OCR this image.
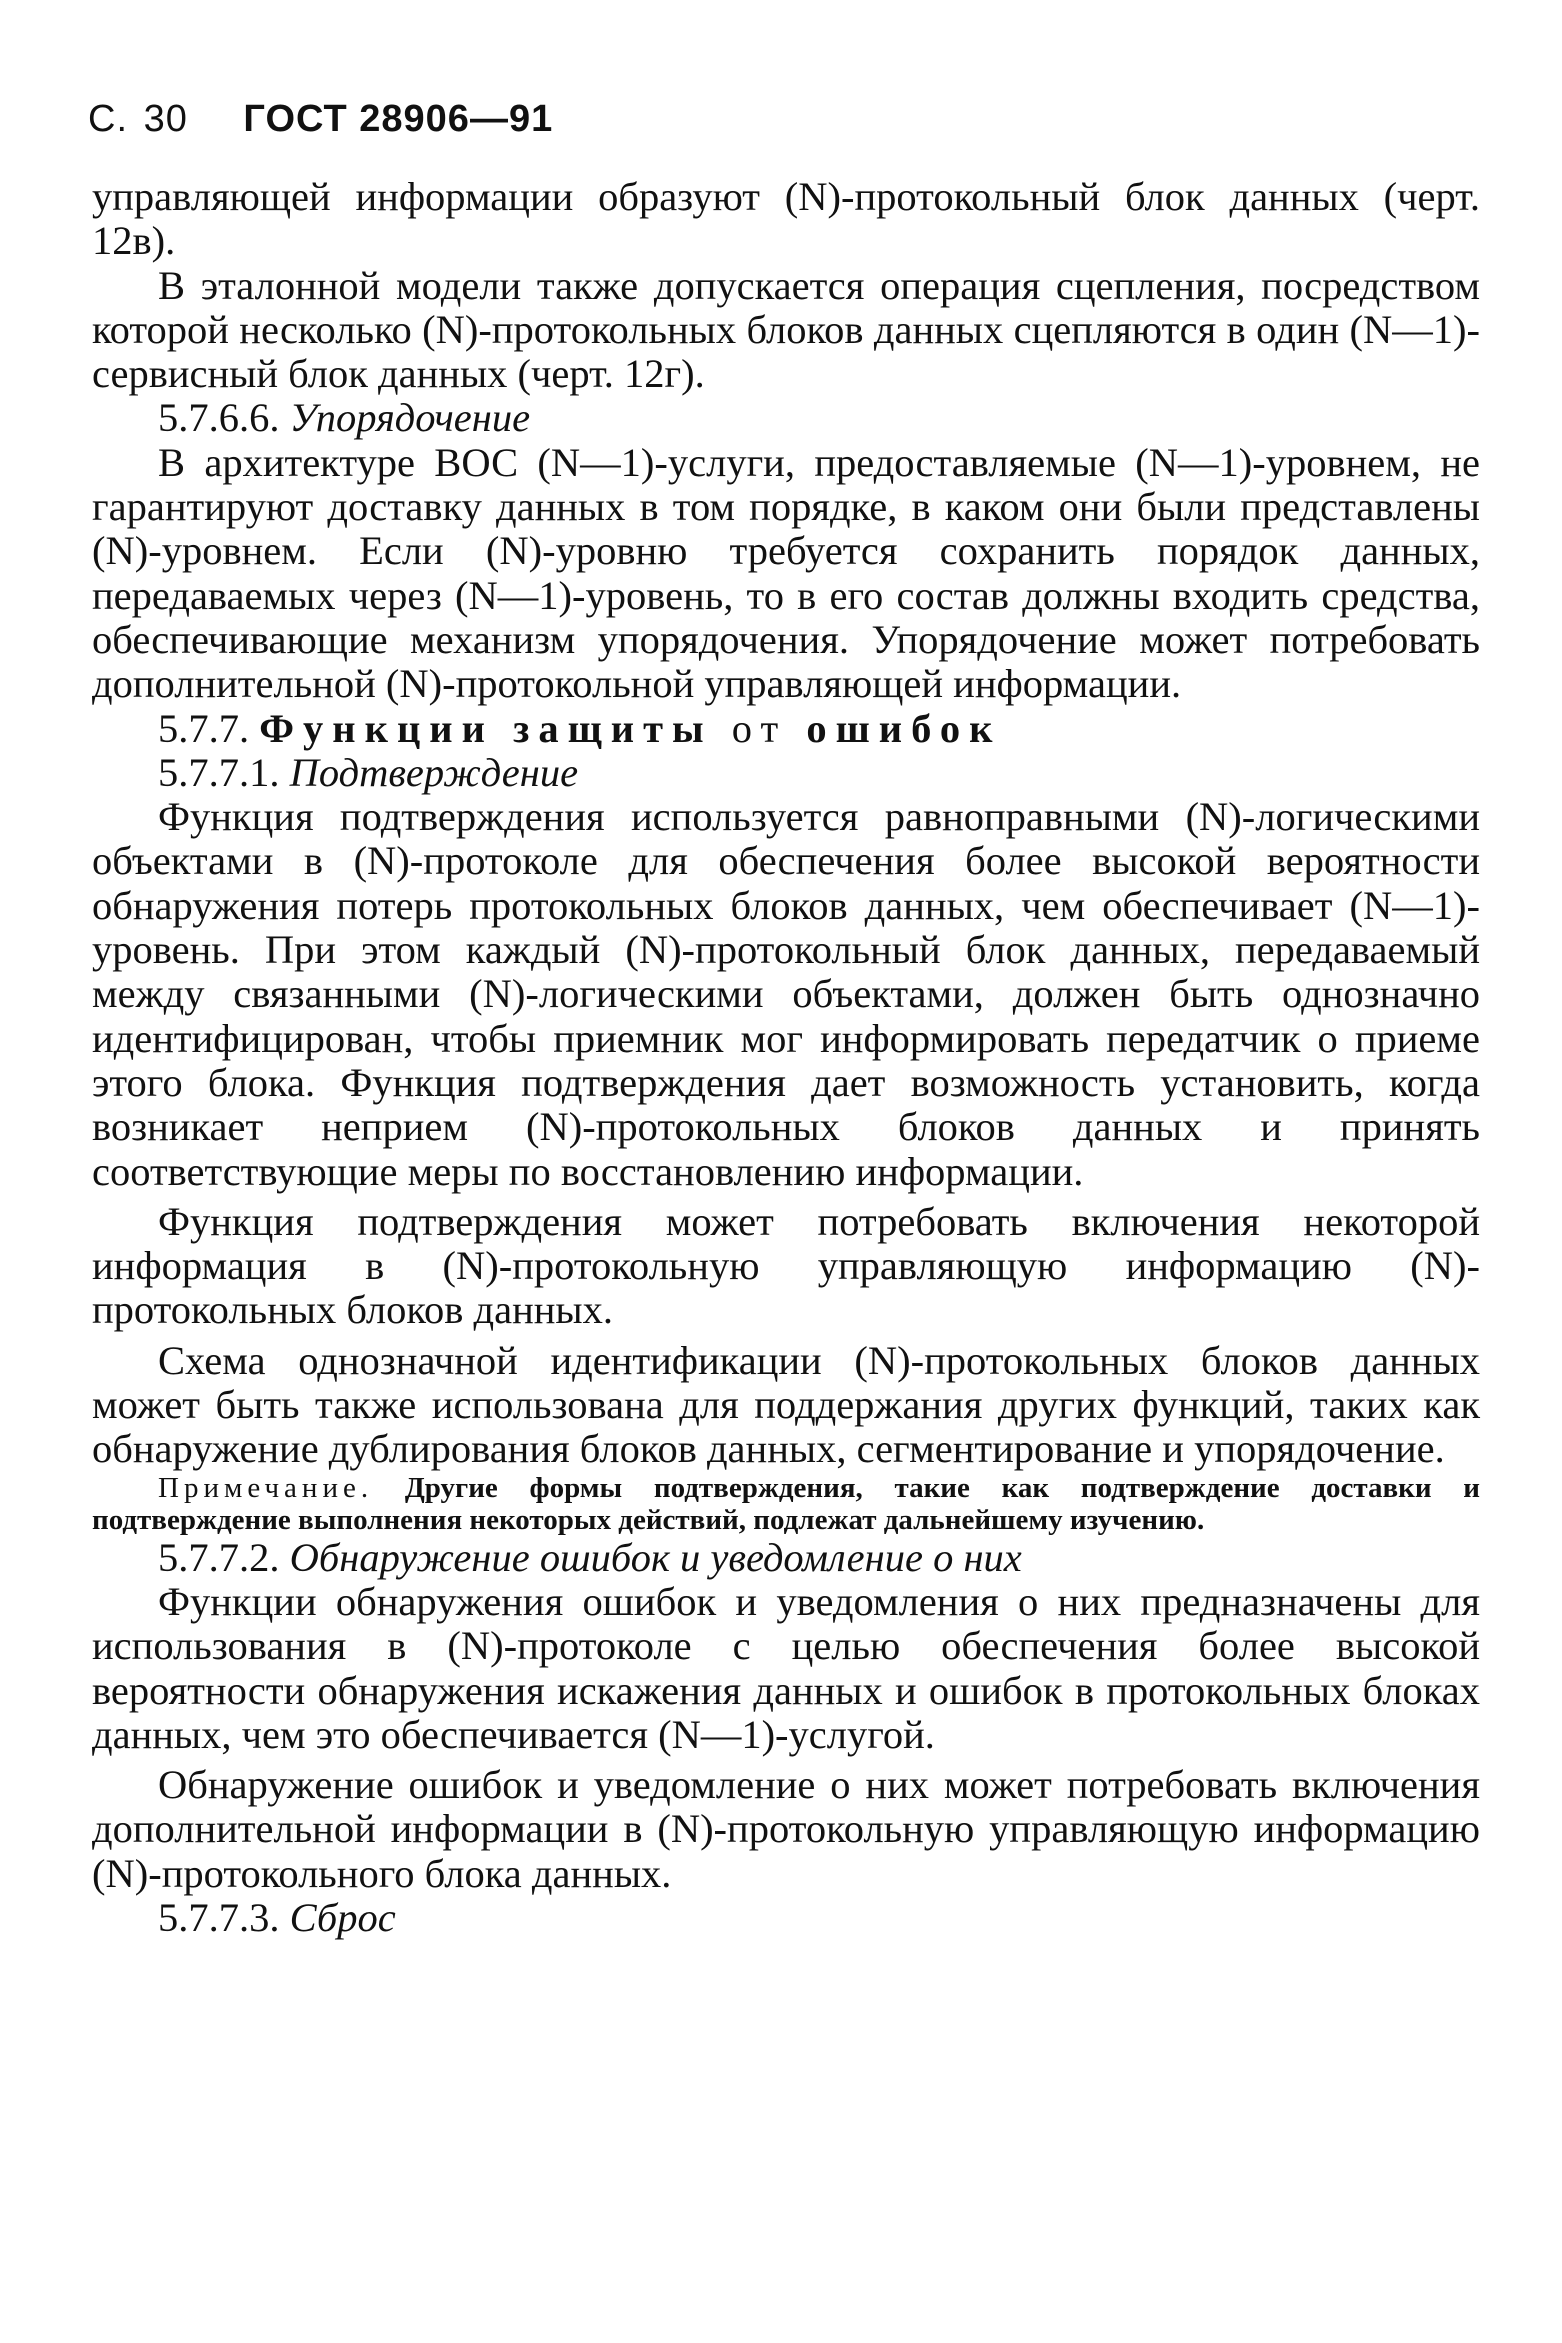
С. 30 ГОСТ 28906—91

управляющей информации образуют (N)-протокольный блок данных (черт. 12в).

В эталонной модели также допускается операция сцепления, посредством которой несколько (N)-протокольных блоков данных сцепляются в один (N—1)-сервисный блок данных (черт. 12г).

5.7.6.6. Упорядочение

В архитектуре ВОС (N—1)-услуги, предоставляемые (N—1)-уровнем, не гарантируют доставку данных в том порядке, в каком они были представлены (N)-уровнем. Если (N)-уровню требуется сохранить порядок данных, передаваемых через (N—1)-уровень, то в его состав должны входить средства, обеспечивающие механизм упорядочения. Упорядочение может потребовать дополнительной (N)-протокольной управляющей информации.

5.7.7. Функции защиты от ошибок

5.7.7.1. Подтверждение

Функция подтверждения используется равноправными (N)-логическими объектами в (N)-протоколе для обеспечения более высокой вероятности обнаружения потерь протокольных блоков данных, чем обеспечивает (N—1)-уровень. При этом каждый (N)-протокольный блок данных, передаваемый между связанными (N)-логическими объектами, должен быть однозначно идентифицирован, чтобы приемник мог информировать передатчик о приеме этого блока. Функция подтверждения дает возможность установить, когда возникает неприем (N)-протокольных блоков данных и принять соответствующие меры по восстановлению информации.

Функция подтверждения может потребовать включения некоторой информация в (N)-протокольную управляющую информацию (N)-протокольных блоков данных.

Схема однозначной идентификации (N)-протокольных блоков данных может быть также использована для поддержания других функций, таких как обнаружение дублирования блоков данных, сегментирование и упорядочение.

Примечание. Другие формы подтверждения, такие как подтверждение доставки и подтверждение выполнения некоторых действий, подлежат дальнейшему изучению.

5.7.7.2. Обнаружение ошибок и уведомление о них

Функции обнаружения ошибок и уведомления о них предназначены для использования в (N)-протоколе с целью обеспечения более высокой вероятности обнаружения искажения данных и ошибок в протокольных блоках данных, чем это обеспечивается (N—1)-услугой.

Обнаружение ошибок и уведомление о них может потребовать включения дополнительной информации в (N)-протокольную управляющую информацию (N)-протокольного блока данных.

5.7.7.3. Сброс
